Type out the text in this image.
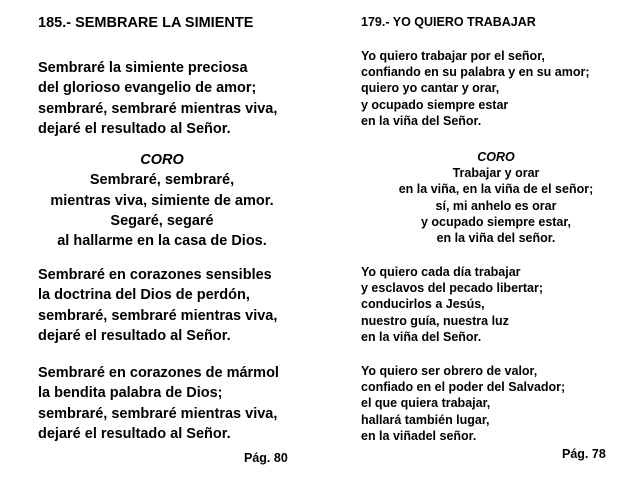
185.- SEMBRARE LA SIMIENTE
Sembraré la simiente preciosa
del glorioso evangelio de amor;
sembraré, sembraré mientras viva,
dejaré el resultado al Señor.
CORO
Sembraré, sembraré,
mientras viva, simiente de amor.
Segaré, segaré
al hallarme en la casa de Dios.
Sembraré en corazones sensibles
la doctrina del Dios de perdón,
sembraré, sembraré mientras viva,
dejaré el resultado al Señor.
Sembraré en corazones de mármol
la bendita palabra de Dios;
sembraré, sembraré mientras viva,
dejaré el resultado al Señor.
Pág. 80
179.- YO QUIERO TRABAJAR
Yo quiero trabajar por el señor,
confiando en su palabra y en su amor;
quiero yo cantar y orar,
y ocupado siempre estar
en la viña del Señor.
CORO
Trabajar y orar
en la viña, en la viña de el señor;
sí, mi anhelo es orar
y ocupado siempre estar,
en la viña del señor.
Yo quiero cada día trabajar
y esclavos del pecado libertar;
conducirlos a Jesús,
nuestro guía, nuestra luz
en la viña del Señor.
Yo quiero ser obrero de valor,
confiado en el poder del Salvador;
el que quiera trabajar,
hallará también lugar,
en la viñadel señor.
Pág. 78
